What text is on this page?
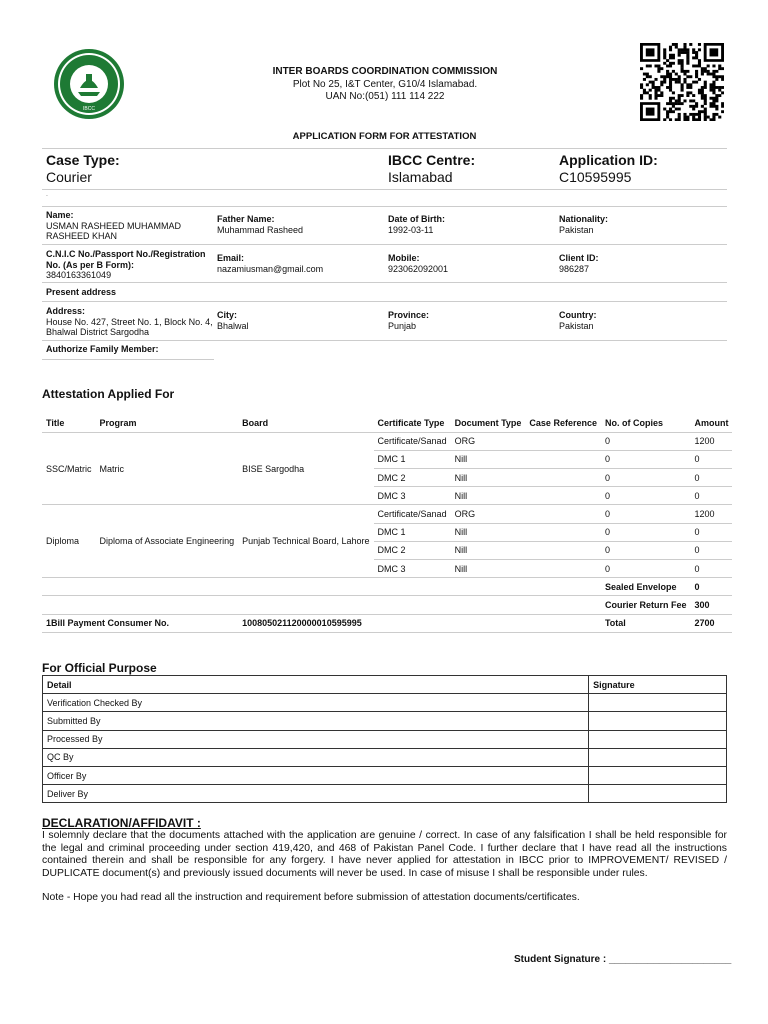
IBCC
INTER BOARDS COORDINATION COMMISSION
Plot No 25, I&T Center, G10/4 Islamabad.
UAN No:(051) 111 114 222
APPLICATION FORM FOR ATTESTATION
Case Type:
Courier
IBCC Centre:
Islamabad
Application ID:
C10595995
.
Name:
USMAN RASHEED MUHAMMAD RASHEED KHAN
Father Name:
Muhammad Rasheed
Date of Birth:
1992-03-11
Nationality:
Pakistan
C.N.I.C No./Passport No./Registration No. (As per B Form):
3840163361049
Email:
nazamiusman@gmail.com
Mobile:
923062092001
Client ID:
986287
Present address
Address:
House No. 427, Street No. 1, Block No. 4, Bhalwal District Sargodha
City:
Bhalwal
Province:
Punjab
Country:
Pakistan
Authorize Family Member:
Attestation Applied For
Title	Program	Board	Certificate Type	Document Type	Case Reference	No. of Copies	Amount
SSC/Matric	Matric	BISE Sargodha	Certificate/Sanad	ORG		0	1200
			DMC 1	Nill		0	0
			DMC 2	Nill		0	0
			DMC 3	Nill		0	0
Diploma	Diploma of Associate Engineering	Punjab Technical Board, Lahore	Certificate/Sanad	ORG		0	1200
			DMC 1	Nill		0	0
			DMC 2	Nill		0	0
			DMC 3	Nill		0	0
						Sealed Envelope	0
						Courier Return Fee	300
1Bill Payment Consumer No.		100805021120000010595995				Total	2700
For Official Purpose
Detail	Signature
Verification Checked By	
Submitted By	
Processed By	
QC By	
Officer By	
Deliver By	
DECLARATION/AFFIDAVIT :
I solemnly declare that the documents attached with the application are genuine / correct. In case of any falsification I shall be held responsible for the legal and criminal proceeding under section 419,420, and 468 of Pakistan Panel Code. I further declare that I have read all the instructions contained therein and shall be responsible for any forgery. I have never applied for attestation in IBCC prior to IMPROVEMENT/ REVISED / DUPLICATE document(s) and previously issued documents will never be used. In case of misuse I shall be responsible under rules.
Note - Hope you had read all the instruction and requirement before submission of attestation documents/certificates.
Student Signature : ______________________
